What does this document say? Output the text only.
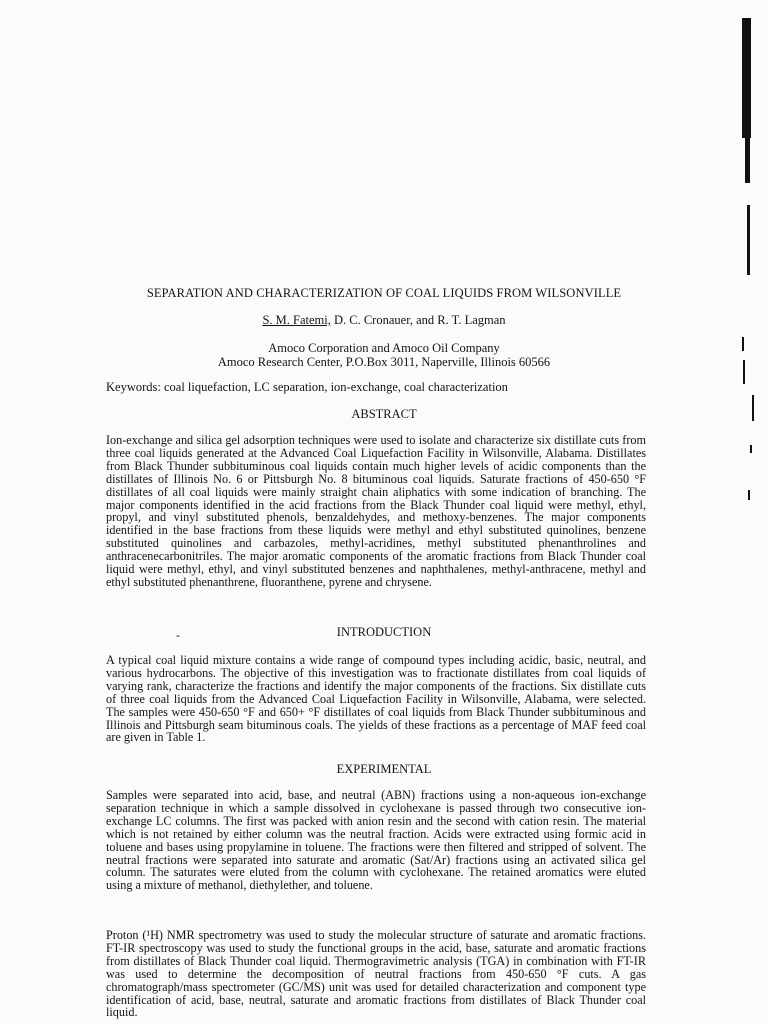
SEPARATION AND CHARACTERIZATION OF COAL LIQUIDS FROM WILSONVILLE
S. M. Fatemi, D. C. Cronauer, and R. T. Lagman
Amoco Corporation and Amoco Oil Company
Amoco Research Center, P.O.Box 3011, Naperville, Illinois 60566
Keywords: coal liquefaction, LC separation, ion-exchange, coal characterization
ABSTRACT
Ion-exchange and silica gel adsorption techniques were used to isolate and characterize six distillate cuts from three coal liquids generated at the Advanced Coal Liquefaction Facility in Wilsonville, Alabama. Distillates from Black Thunder subbituminous coal liquids contain much higher levels of acidic components than the distillates of Illinois No. 6 or Pittsburgh No. 8 bituminous coal liquids. Saturate fractions of 450-650 °F distillates of all coal liquids were mainly straight chain aliphatics with some indication of branching. The major components identified in the acid fractions from the Black Thunder coal liquid were methyl, ethyl, propyl, and vinyl substituted phenols, benzaldehydes, and methoxy-benzenes. The major components identified in the base fractions from these liquids were methyl and ethyl substituted quinolines, benzene substituted quinolines and carbazoles, methyl-acridines, methyl substituted phenanthrolines and anthracenecarbonitriles. The major aromatic components of the aromatic fractions from Black Thunder coal liquid were methyl, ethyl, and vinyl substituted benzenes and naphthalenes, methyl-anthracene, methyl and ethyl substituted phenanthrene, fluoranthene, pyrene and chrysene.
-	INTRODUCTION
A typical coal liquid mixture contains a wide range of compound types including acidic, basic, neutral, and various hydrocarbons. The objective of this investigation was to fractionate distillates from coal liquids of varying rank, characterize the fractions and identify the major components of the fractions. Six distillate cuts of three coal liquids from the Advanced Coal Liquefaction Facility in Wilsonville, Alabama, were selected. The samples were 450-650 °F and 650+ °F distillates of coal liquids from Black Thunder subbituminous and Illinois and Pittsburgh seam bituminous coals. The yields of these fractions as a percentage of MAF feed coal are given in Table 1.
EXPERIMENTAL
Samples were separated into acid, base, and neutral (ABN) fractions using a non-aqueous ion-exchange separation technique in which a sample dissolved in cyclohexane is passed through two consecutive ion-exchange LC columns. The first was packed with anion resin and the second with cation resin. The material which is not retained by either column was the neutral fraction. Acids were extracted using formic acid in toluene and bases using propylamine in toluene. The fractions were then filtered and stripped of solvent. The neutral fractions were separated into saturate and aromatic (Sat/Ar) fractions using an activated silica gel column. The saturates were eluted from the column with cyclohexane. The retained aromatics were eluted using a mixture of methanol, diethylether, and toluene.
Proton (¹H) NMR spectrometry was used to study the molecular structure of saturate and aromatic fractions. FT-IR spectroscopy was used to study the functional groups in the acid, base, saturate and aromatic fractions from distillates of Black Thunder coal liquid. Thermogravimetric analysis (TGA) in combination with FT-IR was used to determine the decomposition of neutral fractions from 450-650 °F cuts. A gas chromatograph/mass spectrometer (GC/MS) unit was used for detailed characterization and component type identification of acid, base, neutral, saturate and aromatic fractions from distillates of Black Thunder coal liquid.
